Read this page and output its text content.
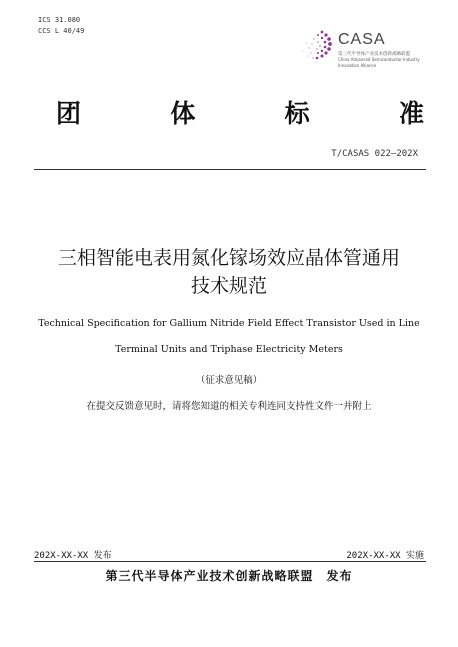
ICS 31.080
CCS L 40/49	CASA
第三代半导体产业技术创新战略联盟
China Advanced Semiconductor Industry
Innovation Alliance
团	体	标	准
T/CASAS 022—202X
三相智能电表用氮化镓场效应晶体管通用
技术规范
Technical Specification for Gallium Nitride Field Effect Transistor Used in Line
Terminal Units and Triphase Electricity Meters
（征求意见稿）
在提交反馈意见时，请将您知道的相关专利连同支持性文件一并附上
202X-XX-XX 发布	202X-XX-XX 实施
第三代半导体产业技术创新战略联盟　发布
